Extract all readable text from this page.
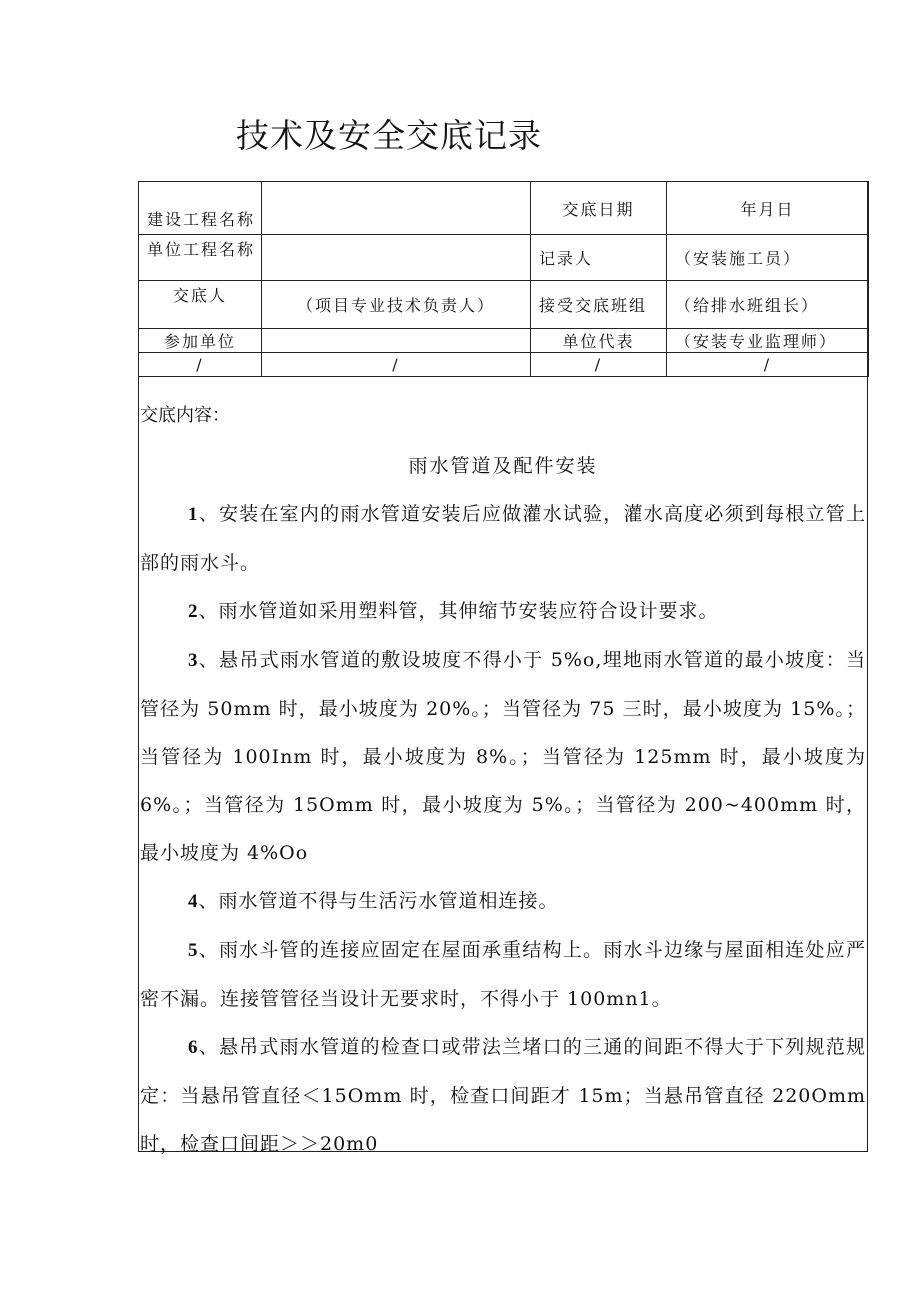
技术及安全交底记录
建设工程名称		交底日期	年月日
单位工程名称		记录人	（安装施工员）
交底人	（项目专业技术负责人）	接受交底班组	（给排水班组长）
参加单位		单位代表	（安装专业监理师）
/	/	/	/

交底内容：

雨水管道及配件安装

1、安装在室内的雨水管道安装后应做灌水试验，灌水高度必须到每根立管上部的雨水斗。

2、雨水管道如采用塑料管，其伸缩节安装应符合设计要求。

3、悬吊式雨水管道的敷设坡度不得小于 5%o,埋地雨水管道的最小坡度：当管径为 50mm 时，最小坡度为 20%。；当管径为 75 三时，最小坡度为 15%。；当管径为 100Inm 时，最小坡度为 8%。；当管径为 125mm 时，最小坡度为 6%。；当管径为 15Omm 时，最小坡度为 5%。；当管径为 200~400mm 时，最小坡度为 4%Oo

4、雨水管道不得与生活污水管道相连接。

5、雨水斗管的连接应固定在屋面承重结构上。雨水斗边缘与屋面相连处应严密不漏。连接管管径当设计无要求时，不得小于 100mn1。

6、悬吊式雨水管道的检查口或带法兰堵口的三通的间距不得大于下列规范规定：当悬吊管直径＜15Omm 时，检查口间距才 15m；当悬吊管直径 220Omm 时，检查口间距＞＞20m0
